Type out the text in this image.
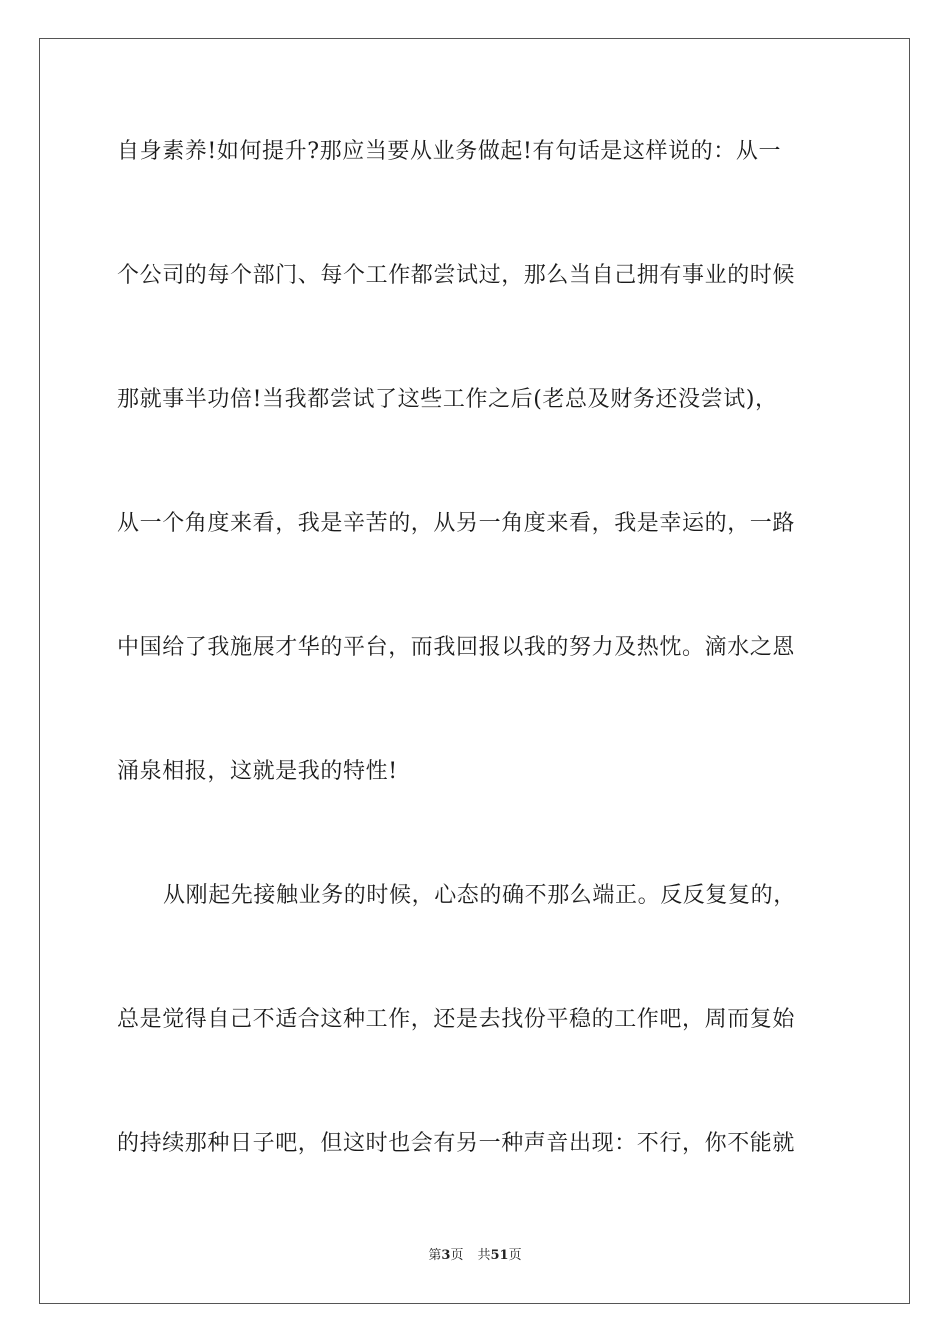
自身素养!如何提升?那应当要从业务做起!有句话是这样说的：从一
个公司的每个部门、每个工作都尝试过，那么当自己拥有事业的时候
那就事半功倍!当我都尝试了这些工作之后(老总及财务还没尝试)，
从一个角度来看，我是辛苦的，从另一角度来看，我是幸运的，一路
中国给了我施展才华的平台，而我回报以我的努力及热忱。滴水之恩
涌泉相报，这就是我的特性!
从刚起先接触业务的时候，心态的确不那么端正。反反复复的，
总是觉得自己不适合这种工作，还是去找份平稳的工作吧，周而复始
的持续那种日子吧，但这时也会有另一种声音出现：不行，你不能就
第3页 共51页
